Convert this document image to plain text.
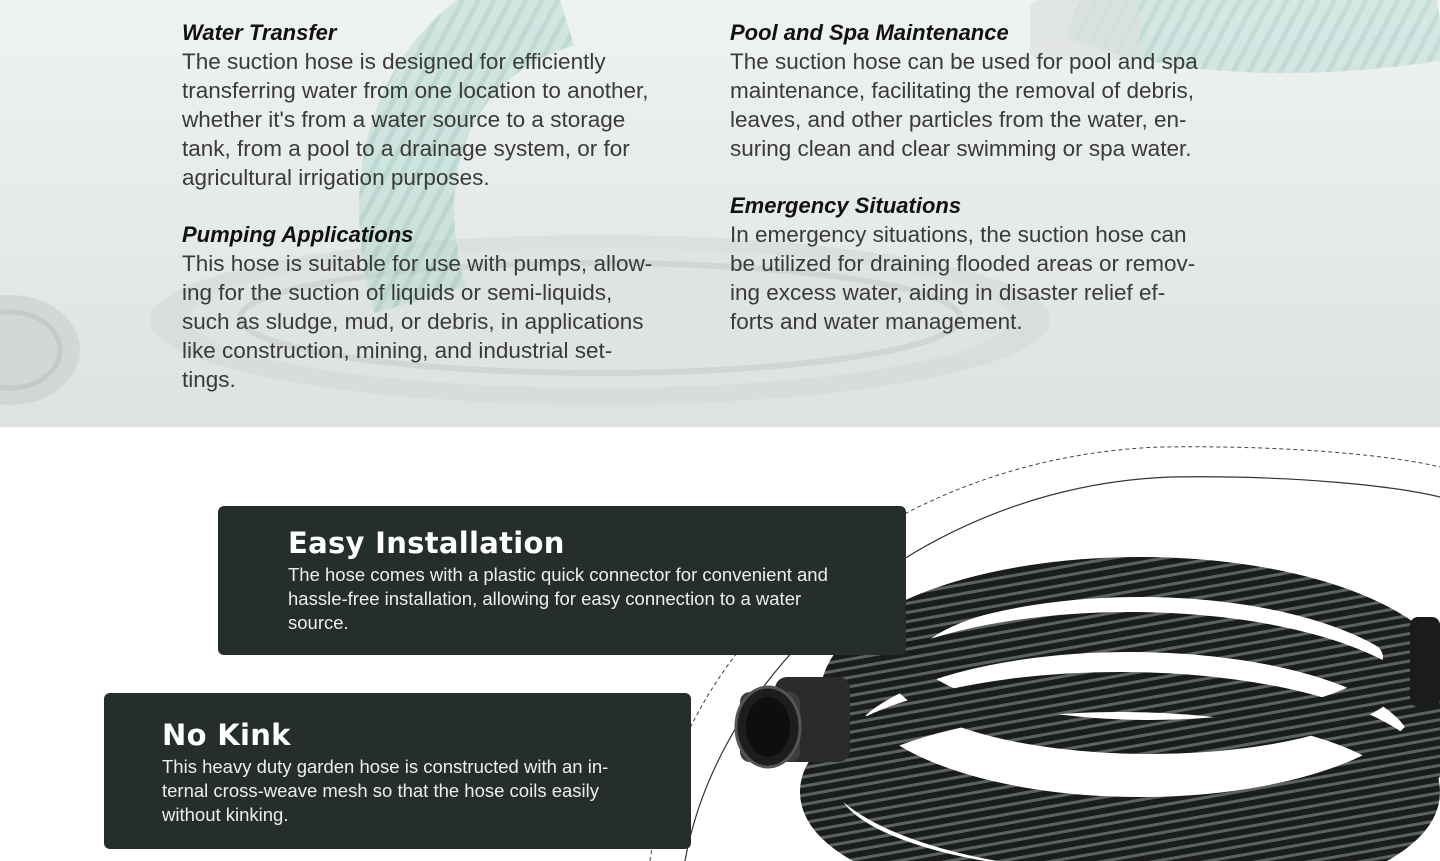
Water Transfer

The suction hose is designed for efficiently
transferring water from one location to another,
whether it's from a water source to a storage
tank, from a pool to a drainage system, or for
agricultural irrigation purposes.

Pumping Applications

This hose is suitable for use with pumps, allow-
ing for the suction of liquids or semi-liquids,
such as sludge, mud, or debris, in applications
like construction, mining, and industrial set-
tings.

Pool and Spa Maintenance

The suction hose can be used for pool and spa
maintenance, facilitating the removal of debris,
leaves, and other particles from the water, en-
suring clean and clear swimming or spa water.

Emergency Situations

In emergency situations, the suction hose can
be utilized for draining flooded areas or remov-
ing excess water, aiding in disaster relief ef-
forts and water management.

Easy Installation

The hose comes with a plastic quick connector for convenient and
hassle-free installation, allowing for easy connection to a water
source.

No Kink

This heavy duty garden hose is constructed with an in-
ternal cross-weave mesh so that the hose coils easily
without kinking.
